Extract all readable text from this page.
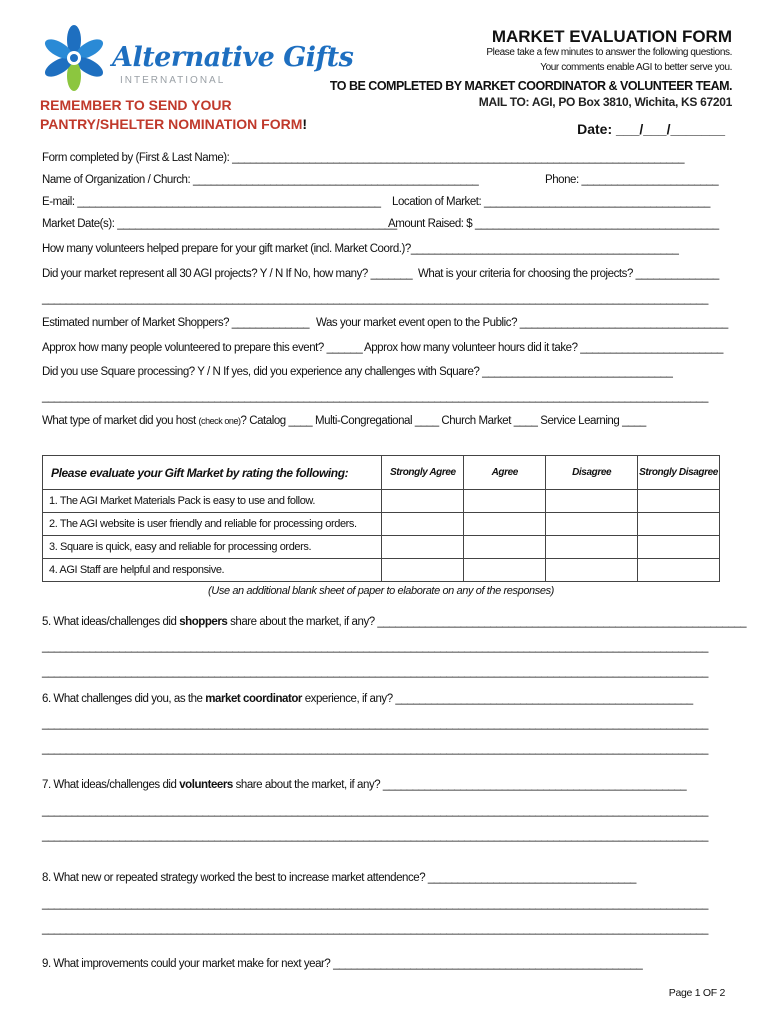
Alternative Gifts
INTERNATIONAL
MARKET EVALUATION FORM
Please take a few minutes to answer the following questions.
Your comments enable AGI to better serve you.
TO BE COMPLETED BY MARKET COORDINATOR & VOLUNTEER TEAM.
MAIL TO: AGI, PO Box 3810, Wichita, KS 67201
REMEMBER TO SEND YOUR
PANTRY/SHELTER NOMINATION FORM!	Date: ___/___/_______
Form completed by (First & Last Name): ____________________________________________________________________________
Name of Organization / Church: ________________________________________________	Phone: _______________________
E-mail: ___________________________________________________ Location of Market: ______________________________________
Market Date(s): _______________________________________________
Amount Raised: $ _________________________________________
How many volunteers helped prepare for your gift market (incl. Market Coord.)?_____________________________________________
Did your market represent all 30 AGI projects? Y / N If No, how many? _______ What is your criteria for choosing the projects? ______________
________________________________________________________________________________________________________________
Estimated number of Market Shoppers? _____________ Was your market event open to the Public? ___________________________________
Approx how many people volunteered to prepare this event? ______ Approx how many volunteer hours did it take? ________________________
Did you use Square processing? Y / N If yes, did you experience any challenges with Square? ________________________________
________________________________________________________________________________________________________________
What type of market did you host (check one)? Catalog ____ Multi-Congregational ____ Church Market ____ Service Learning ____
Please evaluate your Gift Market by rating the following:	Strongly Agree	Agree	Disagree	Strongly Disagree
1. The AGI Market Materials Pack is easy to use and follow.				
2. The AGI website is user friendly and reliable for processing orders.				
3. Square is quick, easy and reliable for processing orders.				
4. AGI Staff are helpful and responsive.				
(Use an additional blank sheet of paper to elaborate on any of the responses)
5. What ideas/challenges did shoppers share about the market, if any? ______________________________________________________________
________________________________________________________________________________________________________________
________________________________________________________________________________________________________________
6. What challenges did you, as the market coordinator experience, if any? __________________________________________________
________________________________________________________________________________________________________________
________________________________________________________________________________________________________________
7. What ideas/challenges did volunteers share about the market, if any? ___________________________________________________
________________________________________________________________________________________________________________
________________________________________________________________________________________________________________
8. What new or repeated strategy worked the best to increase market attendence? ___________________________________
________________________________________________________________________________________________________________
________________________________________________________________________________________________________________
9. What improvements could your market make for next year? ____________________________________________________
Page 1 OF 2
